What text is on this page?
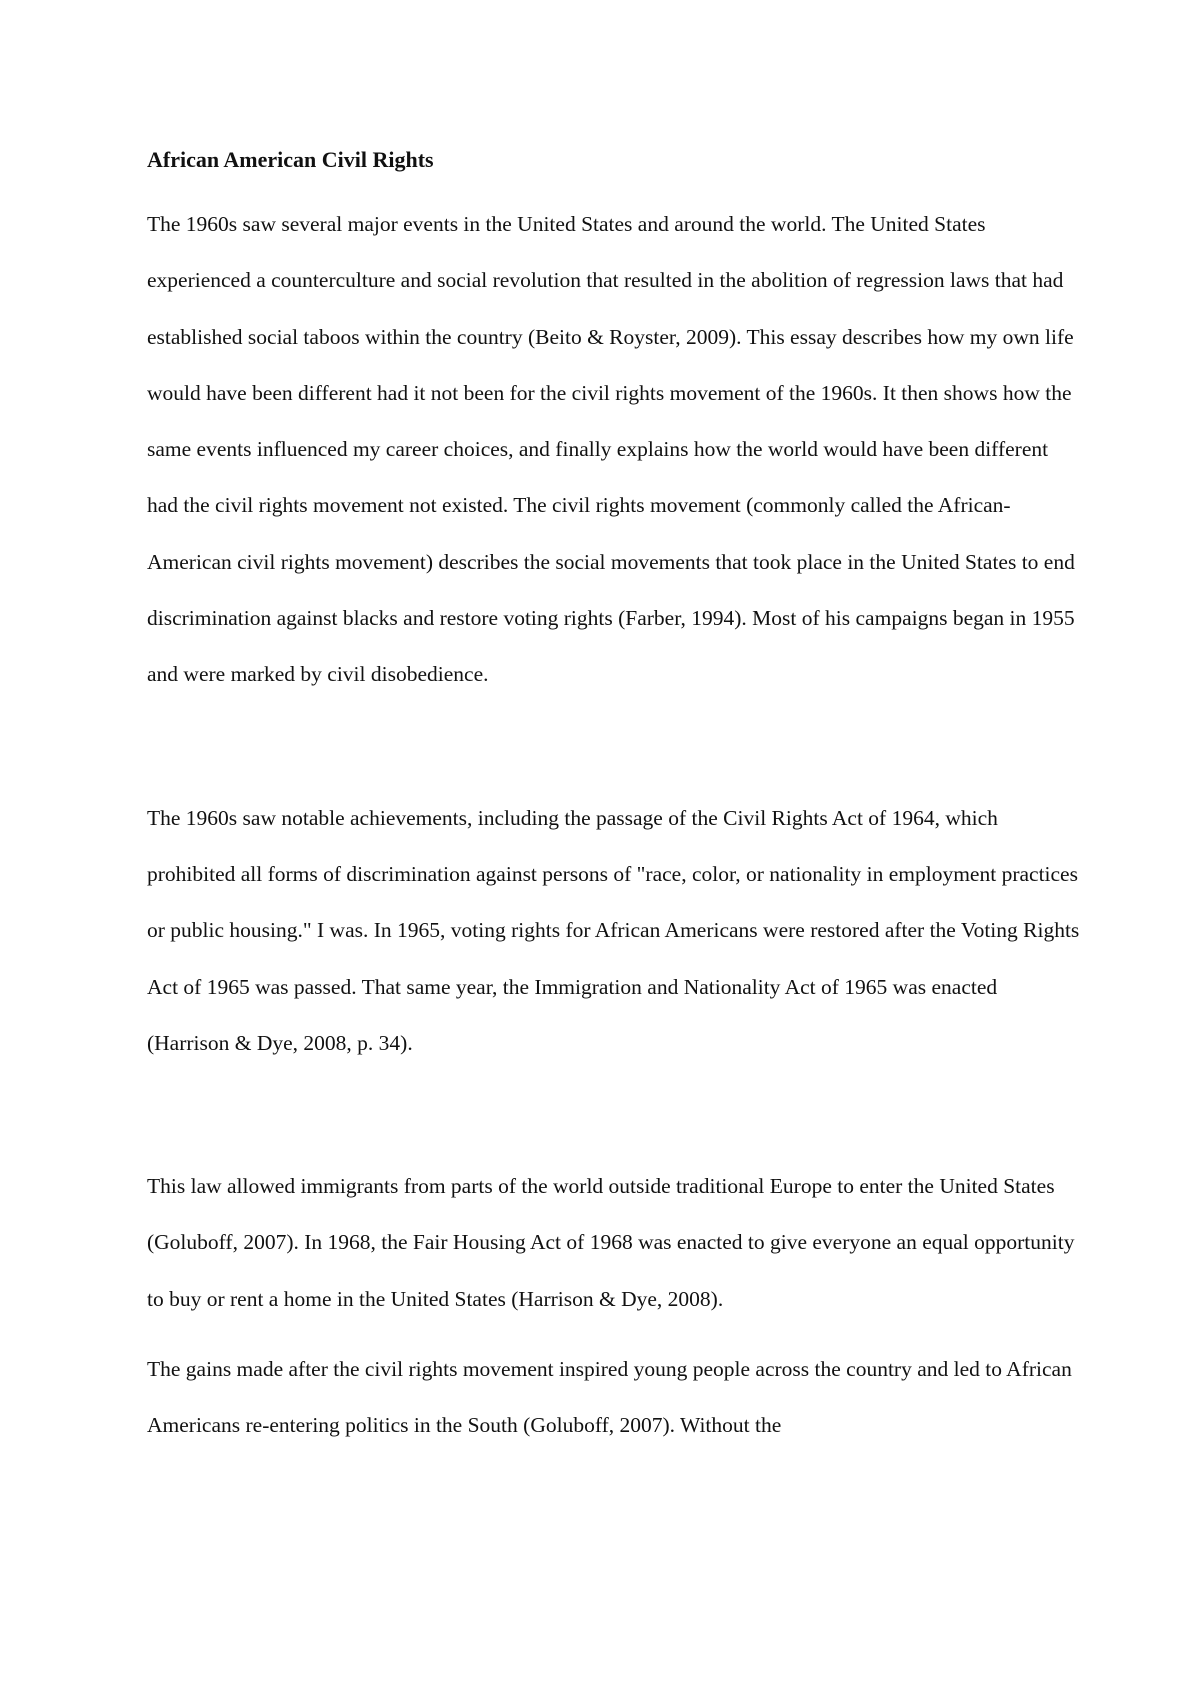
African American Civil Rights

The 1960s saw several major events in the United States and around the world. The United States experienced a counterculture and social revolution that resulted in the abolition of regression laws that had established social taboos within the country (Beito & Royster, 2009). This essay describes how my own life would have been different had it not been for the civil rights movement of the 1960s. It then shows how the same events influenced my career choices, and finally explains how the world would have been different had the civil rights movement not existed. The civil rights movement (commonly called the African-American civil rights movement) describes the social movements that took place in the United States to end discrimination against blacks and restore voting rights (Farber, 1994). Most of his campaigns began in 1955 and were marked by civil disobedience.

The 1960s saw notable achievements, including the passage of the Civil Rights Act of 1964, which prohibited all forms of discrimination against persons of "race, color, or nationality in employment practices or public housing." I was. In 1965, voting rights for African Americans were restored after the Voting Rights Act of 1965 was passed. That same year, the Immigration and Nationality Act of 1965 was enacted (Harrison & Dye, 2008, p. 34).

This law allowed immigrants from parts of the world outside traditional Europe to enter the United States (Goluboff, 2007). In 1968, the Fair Housing Act of 1968 was enacted to give everyone an equal opportunity to buy or rent a home in the United States (Harrison & Dye, 2008).

The gains made after the civil rights movement inspired young people across the country and led to African Americans re-entering politics in the South (Goluboff, 2007). Without the
